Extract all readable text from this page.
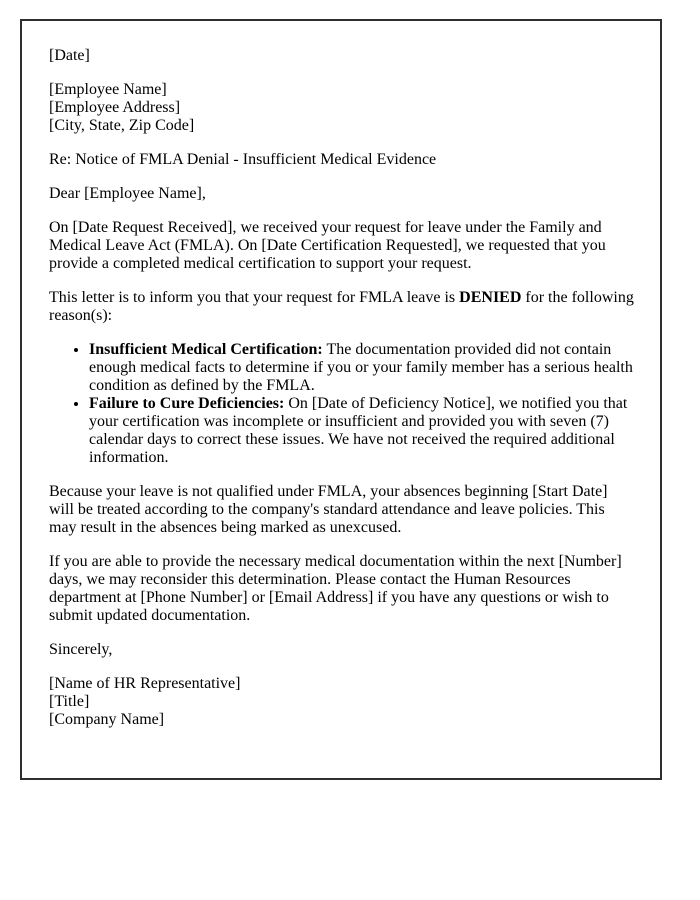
[Date]

[Employee Name]
[Employee Address]
[City, State, Zip Code]

Re: Notice of FMLA Denial - Insufficient Medical Evidence

Dear [Employee Name],

On [Date Request Received], we received your request for leave under the Family and Medical Leave Act (FMLA). On [Date Certification Requested], we requested that you provide a completed medical certification to support your request.

This letter is to inform you that your request for FMLA leave is DENIED for the following reason(s):

• Insufficient Medical Certification: The documentation provided did not contain enough medical facts to determine if you or your family member has a serious health condition as defined by the FMLA.
• Failure to Cure Deficiencies: On [Date of Deficiency Notice], we notified you that your certification was incomplete or insufficient and provided you with seven (7) calendar days to correct these issues. We have not received the required additional information.

Because your leave is not qualified under FMLA, your absences beginning [Start Date] will be treated according to the company's standard attendance and leave policies. This may result in the absences being marked as unexcused.

If you are able to provide the necessary medical documentation within the next [Number] days, we may reconsider this determination. Please contact the Human Resources department at [Phone Number] or [Email Address] if you have any questions or wish to submit updated documentation.

Sincerely,

[Name of HR Representative]
[Title]
[Company Name]
